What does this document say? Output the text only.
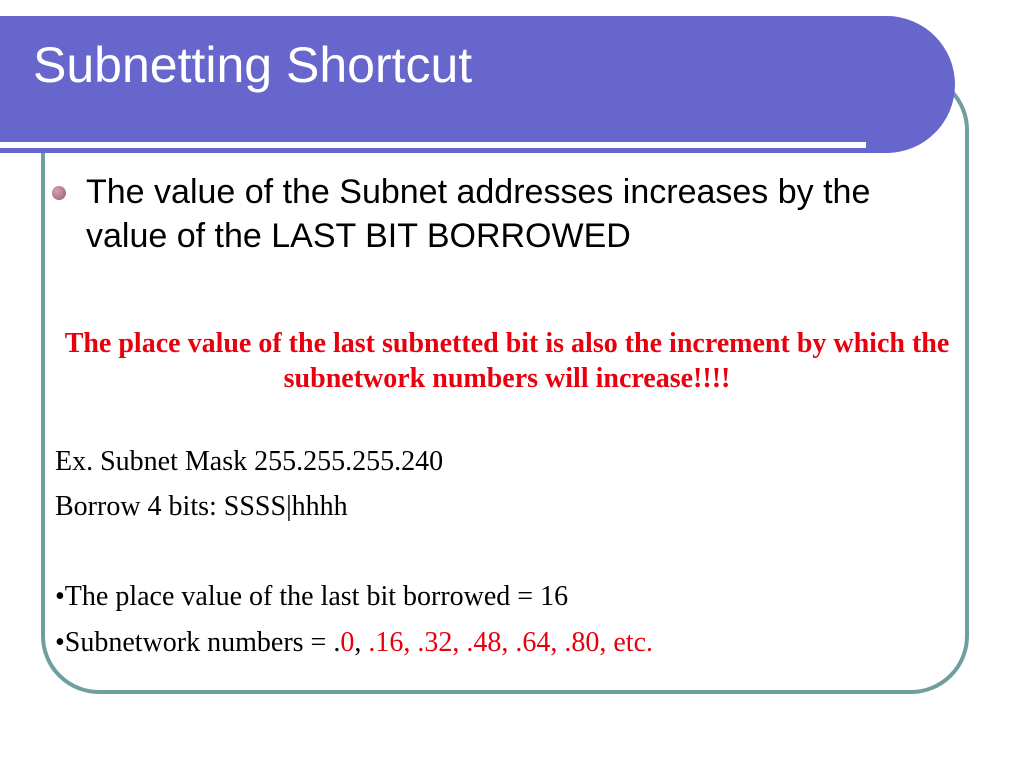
Subnetting Shortcut
The value of the Subnet addresses increases by the value of the LAST BIT BORROWED
The place value of the last subnetted bit is also the increment by which the subnetwork numbers will increase!!!!
Ex. Subnet Mask 255.255.255.240
Borrow 4 bits: SSSS|hhhh
•The place value of the last bit borrowed = 16
•Subnetwork numbers = .0, .16, .32, .48, .64, .80, etc.
